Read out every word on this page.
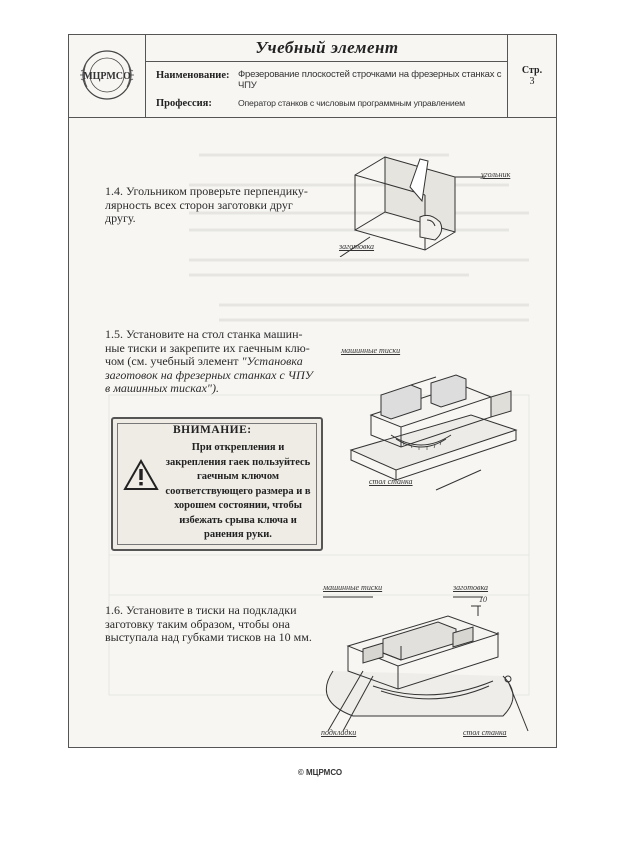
МЦРМСО
Учебный элемент
Наименование: Фрезерование плоскостей строчками на фрезерных станках с ЧПУ
Профессия:	Оператор станков с числовым программным управлением
Стр.
3
1.4. Угольником проверьте перпендику-
лярность всех сторон заготовки друг
другу.
угольник
заготовка
1.5. Установите на стол станка машин-
ные тиски и закрепите их гаечным клю-
чом (см. учебный элемент "Установка
заготовок на фрезерных станках с ЧПУ
в машинных тисках").
машинные тиски
стол станка
ВНИМАНИЕ:
При открепления и закрепления гаек пользуйтесь гаечным ключом соответствующего размера и в хорошем состоянии, чтобы избежать срыва ключа и ранения руки.
1.6. Установите в тиски на подкладки
заготовку таким образом, чтобы она
выступала над губками тисков на 10 мм.
машинные тиски	заготовка
10
подкладки	стол станка
© МЦРМСО
